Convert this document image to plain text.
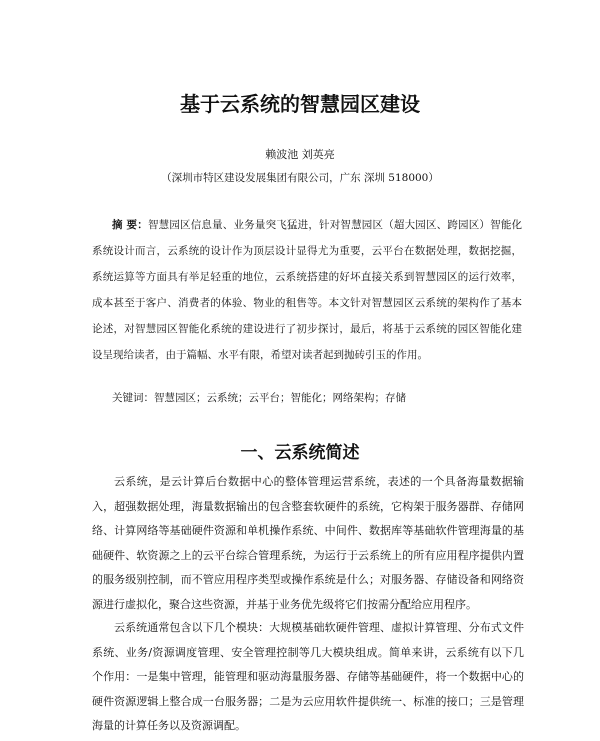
基于云系统的智慧园区建设
赖波池 刘英亮
（深圳市特区建设发展集团有限公司，广东 深圳 518000）

摘 要：智慧园区信息量、业务量突飞猛进，针对智慧园区（超大园区、跨园区）智能化系统设计而言，云系统的设计作为顶层设计显得尤为重要，云平台在数据处理，数据挖掘，系统运算等方面具有举足轻重的地位，云系统搭建的好坏直接关系到智慧园区的运行效率，成本甚至于客户、消费者的体验、物业的租售等。本文针对智慧园区云系统的架构作了基本论述，对智慧园区智能化系统的建设进行了初步探讨，最后，将基于云系统的园区智能化建设呈现给读者，由于篇幅、水平有限，希望对读者起到抛砖引玉的作用。

关键词：智慧园区；云系统；云平台；智能化；网络架构；存储
一、云系统简述

云系统，是云计算后台数据中心的整体管理运营系统，表述的一个具备海量数据输入，超强数据处理，海量数据输出的包含整套软硬件的系统，它构架于服务器群、存储网络、计算网络等基础硬件资源和单机操作系统、中间件、数据库等基础软件管理海量的基础硬件、软资源之上的云平台综合管理系统，为运行于云系统上的所有应用程序提供内置的服务级别控制，而不管应用程序类型或操作系统是什么；对服务器、存储设备和网络资源进行虚拟化，聚合这些资源，并基于业务优先级将它们按需分配给应用程序。

云系统通常包含以下几个模块：大规模基础软硬件管理、虚拟计算管理、分布式文件系统、业务/资源调度管理、安全管理控制等几大模块组成。简单来讲，云系统有以下几个作用：一是集中管理，能管理和驱动海量服务器、存储等基础硬件，将一个数据中心的硬件资源逻辑上整合成一台服务器；二是为云应用软件提供统一、标准的接口；三是管理海量的计算任务以及资源调配。
